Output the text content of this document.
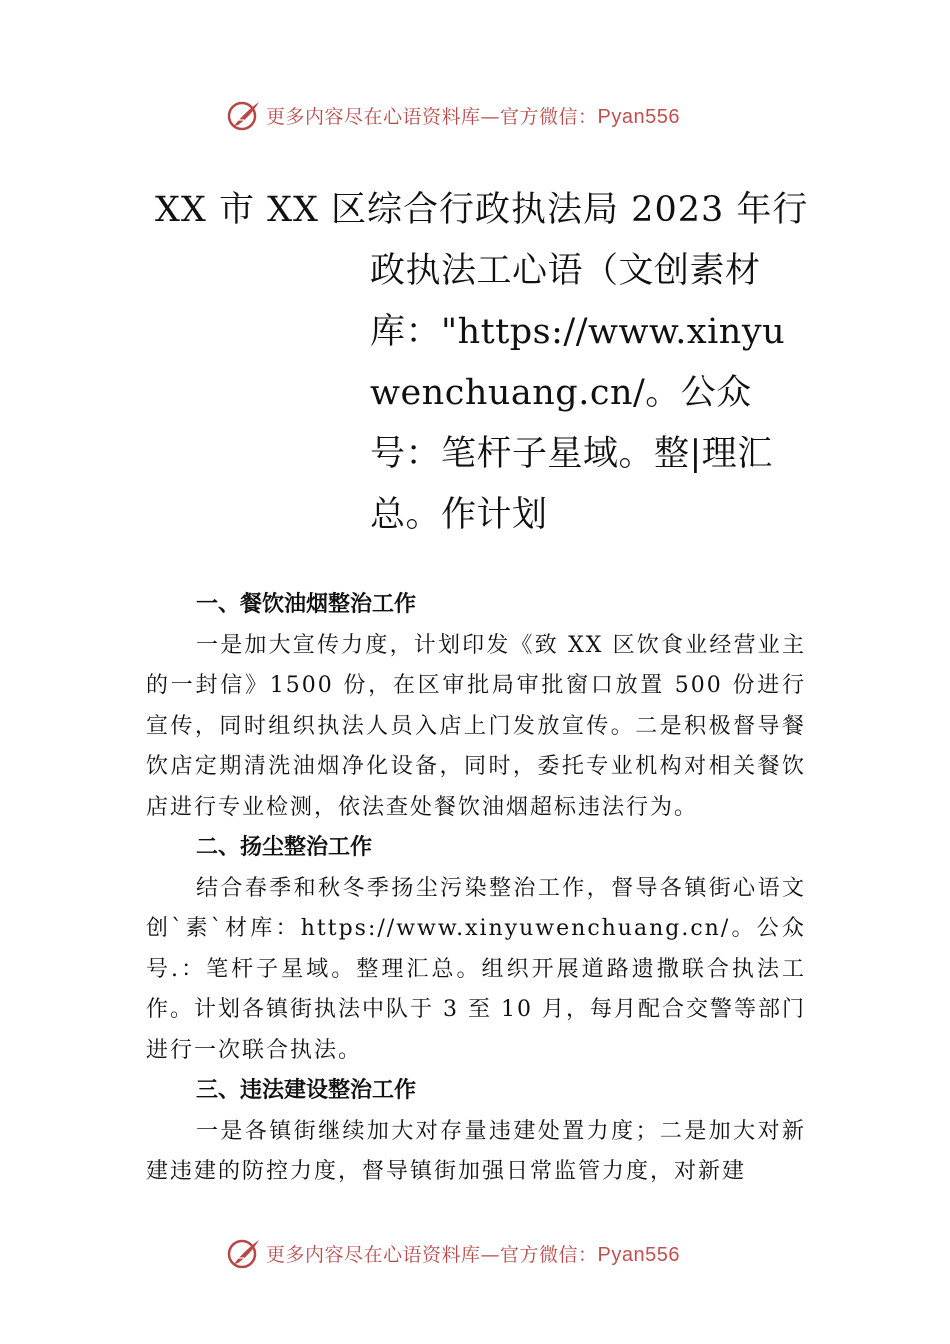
更多内容尽在心语资料库—官方微信：Pyan556
XX 市 XX 区综合行政执法局 2023 年行
政执法工心语（文创素材库："https://www.xinyuwenchuang.cn/。公众号：笔杆子星域。整|理汇总。作计划
一、餐饮油烟整治工作

一是加大宣传力度，计划印发《致 XX 区饮食业经营业主的一封信》1500 份，在区审批局审批窗口放置 500 份进行宣传，同时组织执法人员入店上门发放宣传。二是积极督导餐饮店定期清洗油烟净化设备，同时，委托专业机构对相关餐饮店进行专业检测，依法查处餐饮油烟超标违法行为。

二、扬尘整治工作

结合春季和秋冬季扬尘污染整治工作，督导各镇街心语文创`素`材库：https://www.xinyuwenchuang.cn/。公众号.：笔杆子星域。整理汇总。组织开展道路遗撒联合执法工作。计划各镇街执法中队于 3 至 10 月，每月配合交警等部门进行一次联合执法。

三、违法建设整治工作

一是各镇街继续加大对存量违建处置力度；二是加大对新建违建的防控力度，督导镇街加强日常监管力度，对新建

更多内容尽在心语资料库—官方微信：Pyan556
